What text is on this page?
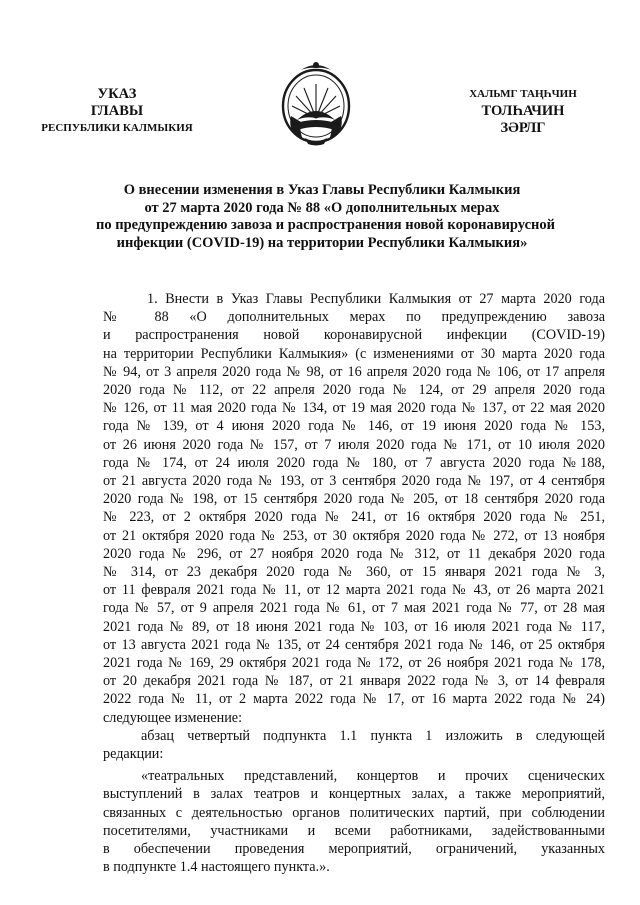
УКАЗ
ГЛАВЫ
РЕСПУБЛИКИ КАЛМЫКИЯ
ХАЛЬМГ ТАҢҺЧИН
ТОЛҺАЧИН
ЗӘРЛГ
О внесении изменения в Указ Главы Республики Калмыкия
от 27 марта 2020 года № 88 «О дополнительных мерах
по предупреждению завоза и распространения новой коронавирусной
инфекции (COVID-19) на территории Республики Калмыкия»
1. Внести в Указ Главы Республики Калмыкия от 27 марта 2020 года
№ 88 «О дополнительных мерах по предупреждению завоза
и распространения новой коронавирусной инфекции (COVID-19)
на территории Республики Калмыкия» (с изменениями от 30 марта 2020 года
№ 94, от 3 апреля 2020 года № 98, от 16 апреля 2020 года № 106, от 17 апреля
2020 года № 112, от 22 апреля 2020 года № 124, от 29 апреля 2020 года
№ 126, от 11 мая 2020 года № 134, от 19 мая 2020 года № 137, от 22 мая 2020
года № 139, от 4 июня 2020 года № 146, от 19 июня 2020 года № 153,
от 26 июня 2020 года № 157, от 7 июля 2020 года № 171, от 10 июля 2020
года № 174, от 24 июля 2020 года № 180, от 7 августа 2020 года №188,
от 21 августа 2020 года № 193, от 3 сентября 2020 года № 197, от 4 сентября
2020 года № 198, от 15 сентября 2020 года № 205, от 18 сентября 2020 года
№ 223, от 2 октября 2020 года № 241, от 16 октября 2020 года № 251,
от 21 октября 2020 года № 253, от 30 октября 2020 года № 272, от 13 ноября
2020 года № 296, от 27 ноября 2020 года № 312, от 11 декабря 2020 года
№ 314, от 23 декабря 2020 года № 360, от 15 января 2021 года № 3,
от 11 февраля 2021 года № 11, от 12 марта 2021 года № 43, от 26 марта 2021
года № 57, от 9 апреля 2021 года № 61, от 7 мая 2021 года № 77, от 28 мая
2021 года № 89, от 18 июня 2021 года № 103, от 16 июля 2021 года № 117,
от 13 августа 2021 года № 135, от 24 сентября 2021 года № 146, от 25 октября
2021 года № 169, 29 октября 2021 года № 172, от 26 ноября 2021 года № 178,
от 20 декабря 2021 года № 187, от 21 января 2022 года № 3, от 14 февраля
2022 года № 11, от 2 марта 2022 года № 17, от 16 марта 2022 года № 24)
следующее изменение:
абзац четвертый подпункта 1.1 пункта 1 изложить в следующей
редакции:
«театральных представлений, концертов и прочих сценических
выступлений в залах театров и концертных залах, а также мероприятий,
связанных с деятельностью органов политических партий, при соблюдении
посетителями, участниками и всеми работниками, задействованными
в обеспечении проведения мероприятий, ограничений, указанных
в подпункте 1.4 настоящего пункта.».
